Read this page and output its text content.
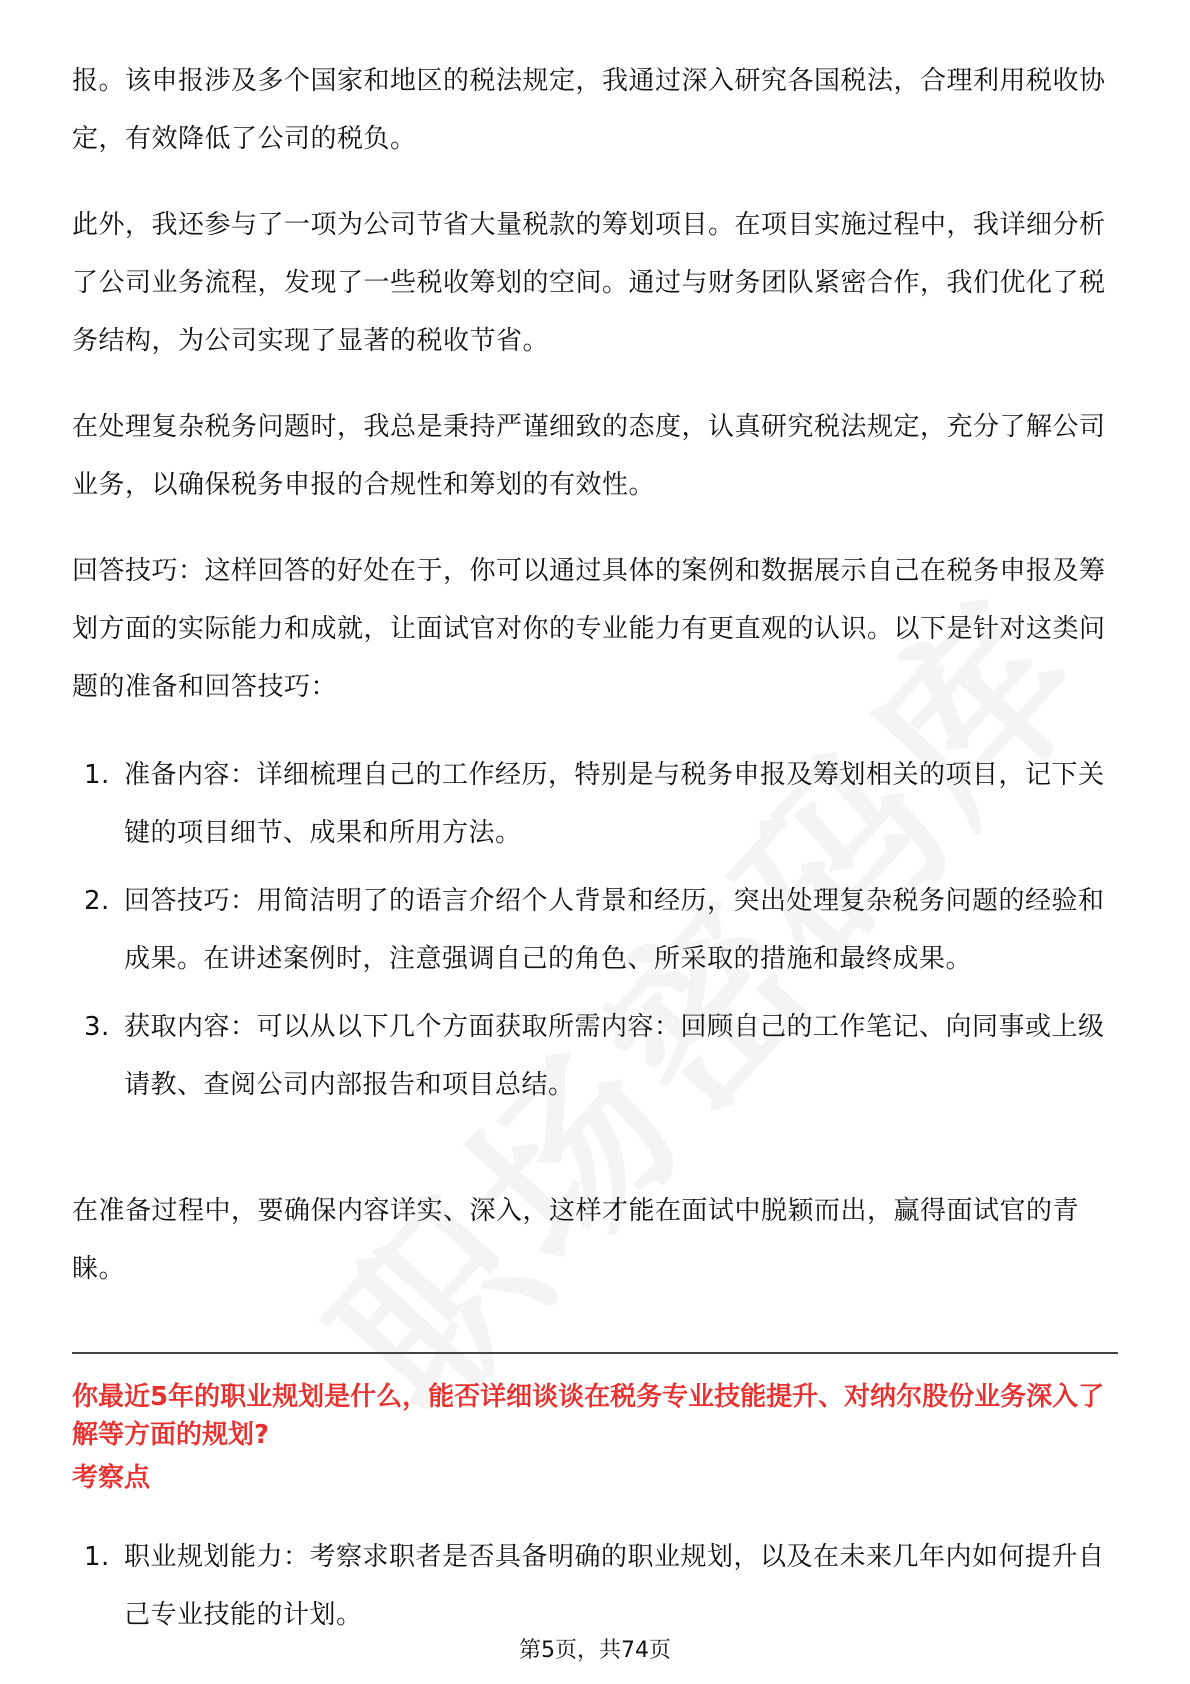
报。该申报涉及多个国家和地区的税法规定，我通过深入研究各国税法，合理利用税收协定，有效降低了公司的税负。

此外，我还参与了一项为公司节省大量税款的筹划项目。在项目实施过程中，我详细分析了公司业务流程，发现了一些税收筹划的空间。通过与财务团队紧密合作，我们优化了税务结构，为公司实现了显著的税收节省。

在处理复杂税务问题时，我总是秉持严谨细致的态度，认真研究税法规定，充分了解公司业务，以确保税务申报的合规性和筹划的有效性。

回答技巧：这样回答的好处在于，你可以通过具体的案例和数据展示自己在税务申报及筹划方面的实际能力和成就，让面试官对你的专业能力有更直观的认识。以下是针对这类问题的准备和回答技巧：

1. 准备内容：详细梳理自己的工作经历，特别是与税务申报及筹划相关的项目，记下关键的项目细节、成果和所用方法。
2. 回答技巧：用简洁明了的语言介绍个人背景和经历，突出处理复杂税务问题的经验和成果。在讲述案例时，注意强调自己的角色、所采取的措施和最终成果。
3. 获取内容：可以从以下几个方面获取所需内容：回顾自己的工作笔记、向同事或上级请教、查阅公司内部报告和项目总结。

在准备过程中，要确保内容详实、深入，这样才能在面试中脱颖而出，赢得面试官的青睐。

你最近5年的职业规划是什么，能否详细谈谈在税务专业技能提升、对纳尔股份业务深入了解等方面的规划?

考察点

1. 职业规划能力：考察求职者是否具备明确的职业规划，以及在未来几年内如何提升自己专业技能的计划。
第5页，共74页
